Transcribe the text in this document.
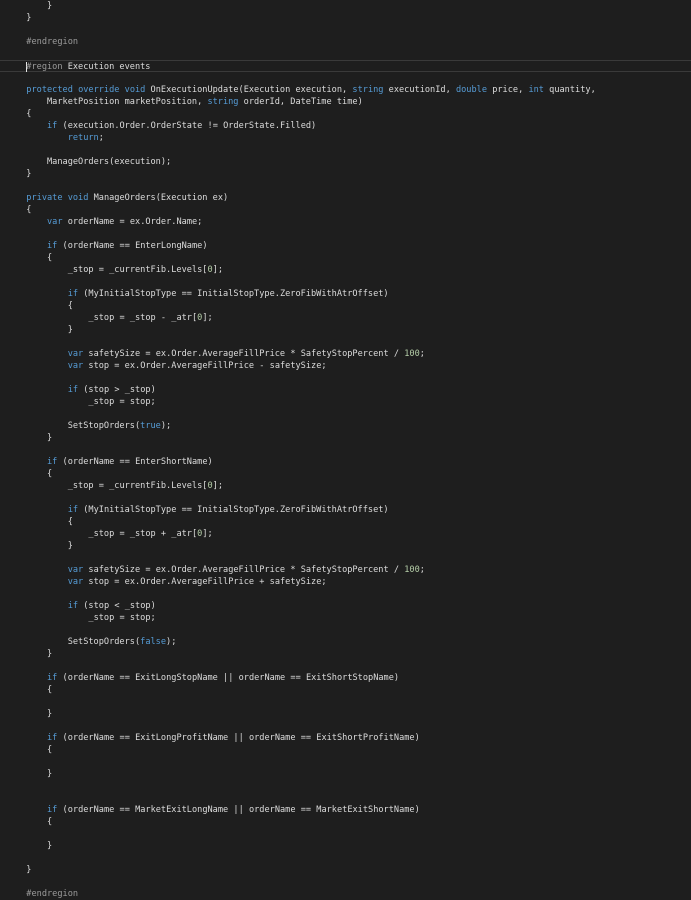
}
}
#endregion
#region Execution events
protected override void OnExecutionUpdate(Execution execution, string executionId, double price, int quantity,
MarketPosition marketPosition, string orderId, DateTime time)
{
if (execution.Order.OrderState != OrderState.Filled)
return;
ManageOrders(execution);
}
private void ManageOrders(Execution ex)
{
var orderName = ex.Order.Name;
if (orderName == EnterLongName)
{
_stop = _currentFib.Levels[0];
if (MyInitialStopType == InitialStopType.ZeroFibWithAtrOffset)
{
_stop = _stop - _atr[0];
}
var safetySize = ex.Order.AverageFillPrice * SafetyStopPercent / 100;
var stop = ex.Order.AverageFillPrice - safetySize;
if (stop > _stop)
_stop = stop;
SetStopOrders(true);
}
if (orderName == EnterShortName)
{
_stop = _currentFib.Levels[0];
if (MyInitialStopType == InitialStopType.ZeroFibWithAtrOffset)
{
_stop = _stop + _atr[0];
}
var safetySize = ex.Order.AverageFillPrice * SafetyStopPercent / 100;
var stop = ex.Order.AverageFillPrice + safetySize;
if (stop < _stop)
_stop = stop;
SetStopOrders(false);
}
if (orderName == ExitLongStopName || orderName == ExitShortStopName)
{
}
if (orderName == ExitLongProfitName || orderName == ExitShortProfitName)
{
}
if (orderName == MarketExitLongName || orderName == MarketExitShortName)
{
}
}
#endregion
